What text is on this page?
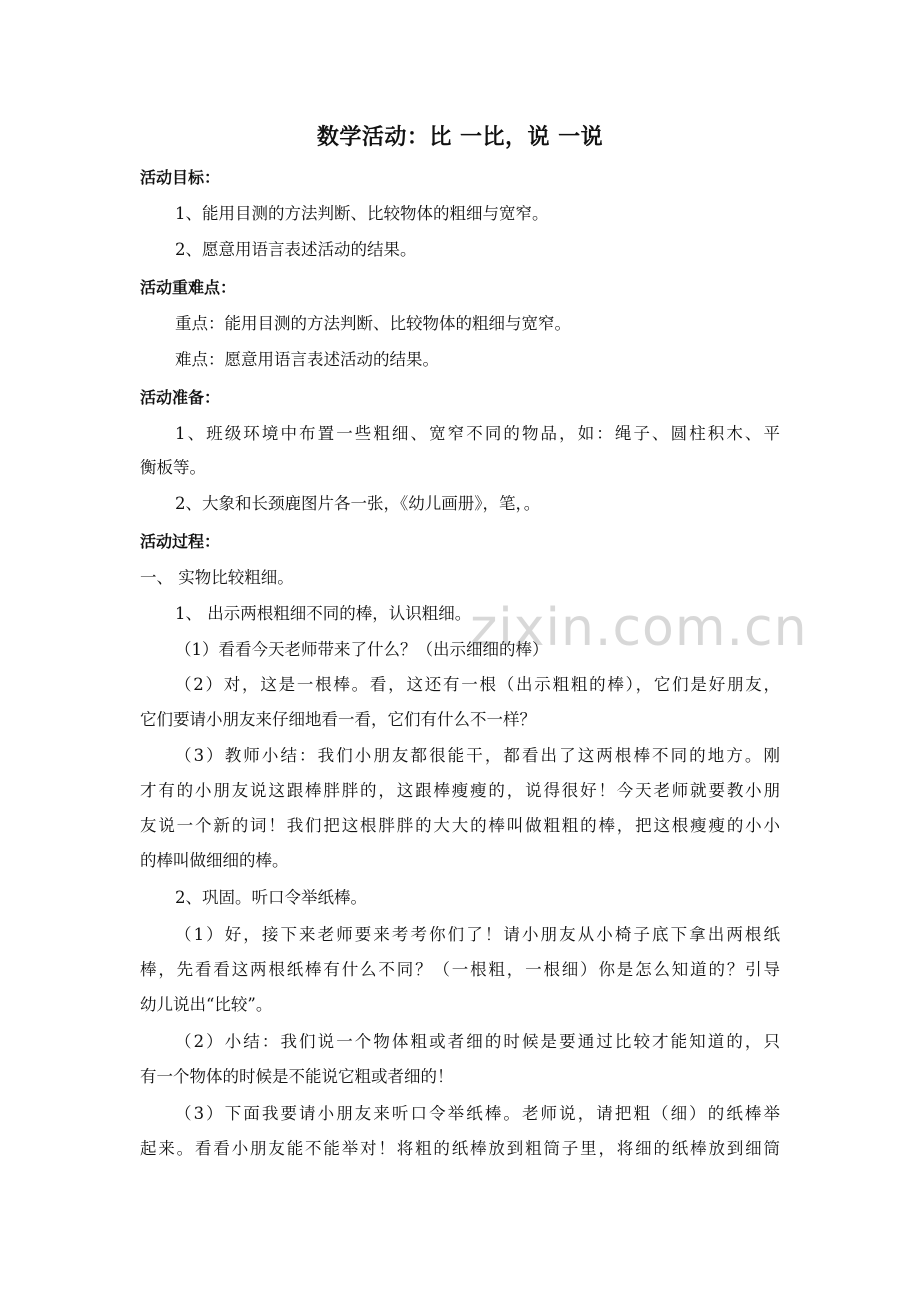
数学活动：比 一比，说 一说
活动目标：
1、能用目测的方法判断、比较物体的粗细与宽窄。
2、愿意用语言表述活动的结果。
活动重难点：
重点：能用目测的方法判断、比较物体的粗细与宽窄。
难点：愿意用语言表述活动的结果。
活动准备：
1、班级环境中布置一些粗细、宽窄不同的物品，如：绳子、圆柱积木、平
衡板等。
2、大象和长颈鹿图片各一张，《幼儿画册》，笔，。
活动过程：
一、 实物比较粗细。
1、 出示两根粗细不同的棒，认识粗细。
zixin.com.cn
（1）看看今天老师带来了什么？（出示细细的棒）
（2）对，这是一根棒。看，这还有一根（出示粗粗的棒），它们是好朋友，
它们要请小朋友来仔细地看一看，它们有什么不一样？
（3）教师小结：我们小朋友都很能干，都看出了这两根棒不同的地方。刚
才有的小朋友说这跟棒胖胖的，这跟棒瘦瘦的，说得很好！今天老师就要教小朋
友说一个新的词！我们把这根胖胖的大大的棒叫做粗粗的棒，把这根瘦瘦的小小
的棒叫做细细的棒。
2、巩固。听口令举纸棒。
（1）好，接下来老师要来考考你们了！请小朋友从小椅子底下拿出两根纸
棒，先看看这两根纸棒有什么不同？（一根粗，一根细）你是怎么知道的？引导
幼儿说出“比较”。
（2）小结：我们说一个物体粗或者细的时候是要通过比较才能知道的，只
有一个物体的时候是不能说它粗或者细的！
（3）下面我要请小朋友来听口令举纸棒。老师说，请把粗（细）的纸棒举
起来。看看小朋友能不能举对！将粗的纸棒放到粗筒子里，将细的纸棒放到细筒
